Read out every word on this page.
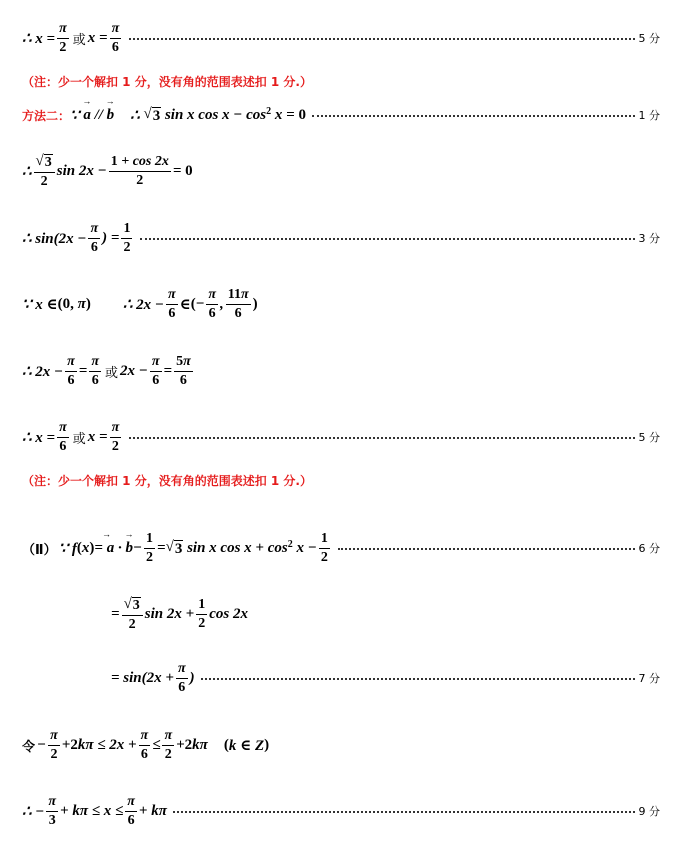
∴ $x = \frac{\pi}{2}$ 或 $x = \frac{\pi}{6}$	5 分
（注：少一个解扣 1 分，没有角的范围表述扣 1 分.）
方法二： ∵ → a // → b ∴ √ 3 sin x cos x − cos 2 x = 0	1 分
∴ $\frac{√ 3}{2}$ $\sin 2x - \frac{1 + \cos 2x}{2} = 0$
∴ $\sin(2x - \frac{\pi}{6}$ ) = $\frac{1}{2}$	3 分
∵ x ∈ (0, π ) ∴ $2x - \frac{\pi}{6}$ ∈ (− $\frac{\pi}{6}$ , $\frac{11\pi}{6}$ )
∴ $2x - \frac{\pi}{6} = \frac{\pi}{6}$ 或 $2x - \frac{\pi}{6} = \frac{5\pi}{6}$
∴ $x = \frac{\pi}{6}$ 或 $x = \frac{\pi}{2}$	5 分
（注：少一个解扣 1 分，没有角的范围表述扣 1 分.）
（Ⅱ） ∵ f ( x ) = →  a · → $b - \frac{1}{2}$ = √ 3 sin x cos x + cos 2 $x - \frac{1}{2}$	6 分
= $\frac{√ 3}{2}$ $\sin 2x + \frac{1}{2}$ cos 2x
= $\sin(2x + \frac{\pi}{6}$ )	7 分
令 − $\frac{\pi}{2} + 2$ $k\pi \le 2x + \frac{\pi}{6} \le \frac{\pi}{2} + 2$ kπ ( k ∈ Z )
∴ − $\frac{\pi}{3} + k\pi \le x \le \frac{\pi}{6} + k\pi$	9 分
